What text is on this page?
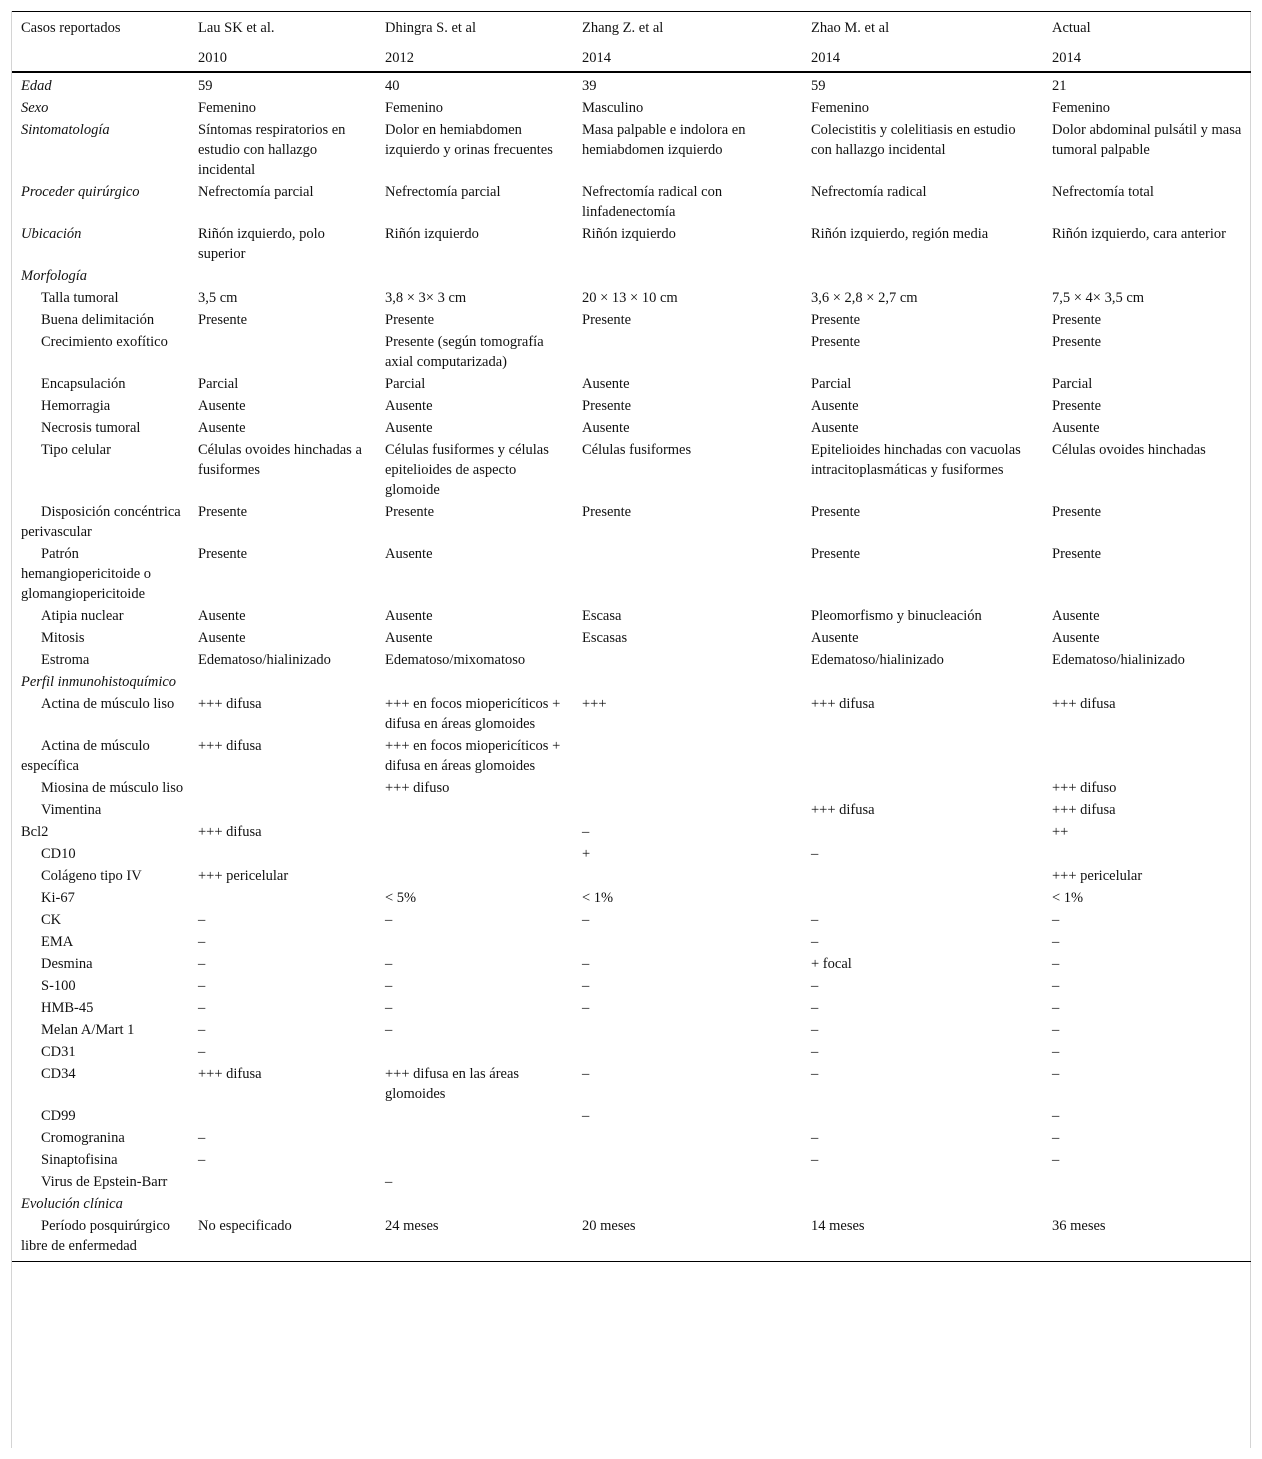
Casos reportados	Lau SK et al.	Dhingra S. et al	Zhang Z. et al	Zhao M. et al	Actual
	2010	2012	2014	2014	2014
Edad	59	40	39	59	21
Sexo	Femenino	Femenino	Masculino	Femenino	Femenino
Sintomatología	Síntomas respiratorios en estudio con hallazgo incidental	Dolor en hemiabdomen izquierdo y orinas frecuentes	Masa palpable e indolora en hemiabdomen izquierdo	Colecistitis y colelitiasis en estudio con hallazgo incidental	Dolor abdominal pulsátil y masa tumoral palpable
Proceder quirúrgico	Nefrectomía parcial	Nefrectomía parcial	Nefrectomía radical con linfadenectomía	Nefrectomía radical	Nefrectomía total
Ubicación	Riñón izquierdo, polo superior	Riñón izquierdo	Riñón izquierdo	Riñón izquierdo, región media	Riñón izquierdo, cara anterior
Morfología					
Talla tumoral	3,5 cm	3,8 × 3× 3 cm	20 × 13 × 10 cm	3,6 × 2,8 × 2,7 cm	7,5 × 4× 3,5 cm
Buena delimitación	Presente	Presente	Presente	Presente	Presente
Crecimiento exofítico		Presente (según tomografía axial computarizada)		Presente	Presente
Encapsulación	Parcial	Parcial	Ausente	Parcial	Parcial
Hemorragia	Ausente	Ausente	Presente	Ausente	Presente
Necrosis tumoral	Ausente	Ausente	Ausente	Ausente	Ausente
Tipo celular	Células ovoides hinchadas a fusiformes	Células fusiformes y células epitelioides de aspecto glomoide	Células fusiformes	Epitelioides hinchadas con vacuolas intracitoplasmáticas y fusiformes	Células ovoides hinchadas
Disposición concéntrica perivascular	Presente	Presente	Presente	Presente	Presente
Patrón hemangiopericitoide o glomangiopericitoide	Presente	Ausente		Presente	Presente
Atipia nuclear	Ausente	Ausente	Escasa	Pleomorfismo y binucleación	Ausente
Mitosis	Ausente	Ausente	Escasas	Ausente	Ausente
Estroma	Edematoso/hialinizado	Edematoso/mixomatoso		Edematoso/hialinizado	Edematoso/hialinizado
Perfil inmunohistoquímico					
Actina de músculo liso	+++ difusa	+++ en focos miopericíticos + difusa en áreas glomoides	+++	+++ difusa	+++ difusa
Actina de músculo específica	+++ difusa	+++ en focos miopericíticos + difusa en áreas glomoides			
Miosina de músculo liso		+++ difuso			+++ difuso
Vimentina				+++ difusa	+++ difusa
Bcl2	+++ difusa		–		++
CD10			+	–	
Colágeno tipo IV	+++ pericelular				+++ pericelular
Ki-67		< 5%	< 1%		< 1%
CK	–	–	–	–	–
EMA	–			–	–
Desmina	–	–	–	+ focal	–
S-100	–	–	–	–	–
HMB-45	–	–	–	–	–
Melan A/Mart 1	–	–		–	–
CD31	–			–	–
CD34	+++ difusa	+++ difusa en las áreas glomoides	–	–	–
CD99			–		–
Cromogranina	–			–	–
Sinaptofisina	–			–	–
Virus de Epstein-Barr		–			
Evolución clínica					
Período posquirúrgico libre de enfermedad	No especificado	24 meses	20 meses	14 meses	36 meses
